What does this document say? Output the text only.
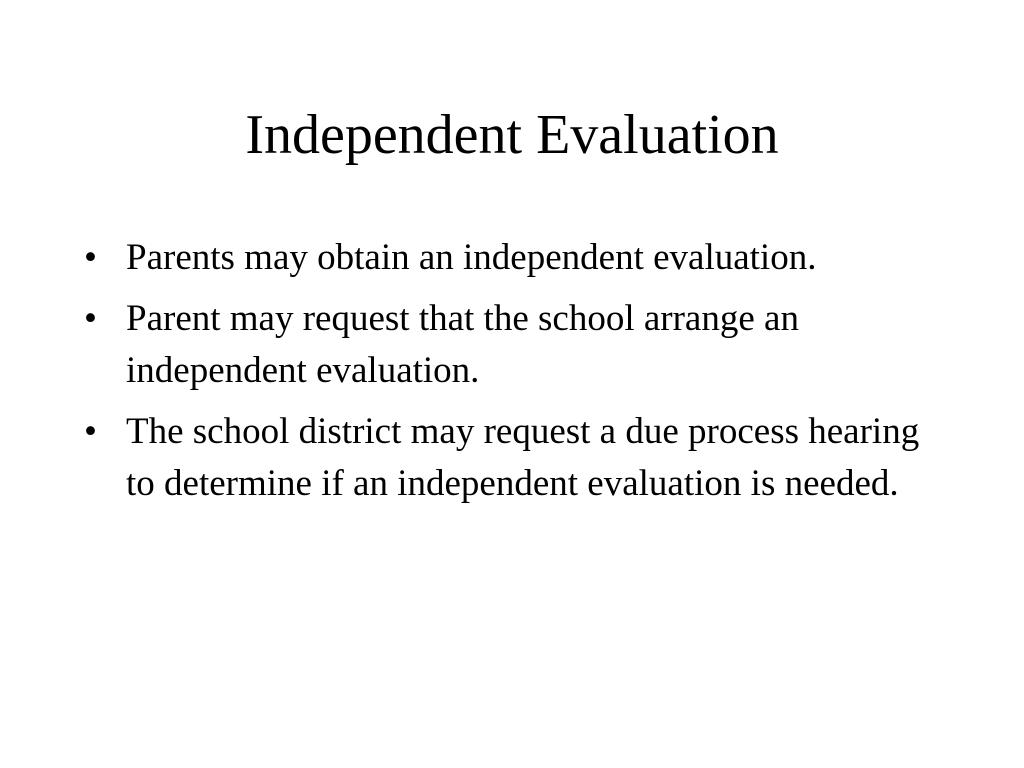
Independent Evaluation
• Parents may obtain an independent evaluation.
• Parent may request that the school arrange an independent evaluation.
• The school district may request a due process hearing to determine if an independent evaluation is needed.
